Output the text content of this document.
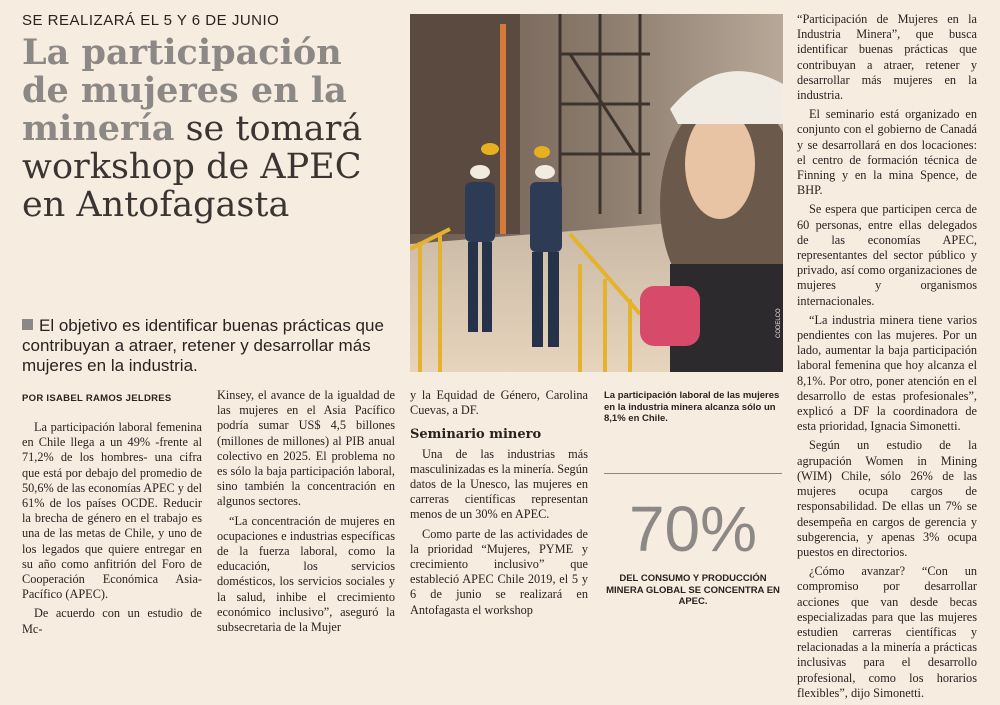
SE REALIZARÁ EL 5 Y 6 DE JUNIO
La participación
de mujeres en la
minería se tomará
workshop de APEC
en Antofagasta
El objetivo es identificar buenas prácticas que contribuyan a atraer, retener y desarrollar más mujeres en la industria.
POR ISABEL RAMOS JELDRES

La participación laboral femenina en Chile llega a un 49% -frente al 71,2% de los hombres- una cifra que está por debajo del promedio de 50,6% de las economías APEC y del 61% de los países OCDE. Reducir la brecha de género en el trabajo es una de las metas de Chile, y uno de los legados que quiere entregar en su año como anfitrión del Foro de Cooperación Económica Asia-Pacífico (APEC).

De acuerdo con un estudio de Mc-

Kinsey, el avance de la igualdad de las mujeres en el Asia Pacífico podría sumar US$ 4,5 billones (millones de millones) al PIB anual colectivo en 2025. El problema no es sólo la baja participación laboral, sino también la concentración en algunos sectores.

“La concentración de mujeres en ocupaciones e industrias específicas de la fuerza laboral, como la educación, los servicios domésticos, los servicios sociales y la salud, inhibe el crecimiento económico inclusivo”, aseguró la subsecretaria de la Mujer

y la Equidad de Género, Carolina Cuevas, a DF.

Seminario minero

Una de las industrias más masculinizadas es la minería. Según datos de la Unesco, las mujeres en carreras científicas representan menos de un 30% en APEC.

Como parte de las actividades de la prioridad “Mujeres, PYME y crecimiento inclusivo” que estableció APEC Chile 2019, el 5 y 6 de junio se realizará en Antofagasta el workshop

“Participación de Mujeres en la Industria Minera”, que busca identificar buenas prácticas que contribuyan a atraer, retener y desarrollar más mujeres en la industria.

El seminario está organizado en conjunto con el gobierno de Canadá y se desarrollará en dos locaciones: el centro de formación técnica de Finning y en la mina Spence, de BHP.

Se espera que participen cerca de 60 personas, entre ellas delegados de las economías APEC, representantes del sector público y privado, así como organizaciones de mujeres y organismos internacionales.

“La industria minera tiene varios pendientes con las mujeres. Por un lado, aumentar la baja participación laboral femenina que hoy alcanza el 8,1%. Por otro, poner atención en el desarrollo de estas profesionales”, explicó a DF la coordinadora de esta prioridad, Ignacia Simonetti.

Según un estudio de la agrupación Women in Mining (WIM) Chile, sólo 26% de las mujeres ocupa cargos de responsabilidad. De ellas un 7% se desempeña en cargos de gerencia y subgerencia, y apenas 3% ocupa puestos en directorios.

¿Cómo avanzar? “Con un compromiso por desarrollar acciones que van desde becas especializadas para que las mujeres estudien carreras científicas y relacionadas a la minería a prácticas inclusivas para el desarrollo profesional, como los horarios flexibles”, dijo Simonetti.

CODELCO
La participación laboral de las mujeres en la industria minera alcanza sólo un 8,1% en Chile.
70%
DEL CONSUMO Y PRODUCCIÓN MINERA GLOBAL SE CONCENTRA EN APEC.
